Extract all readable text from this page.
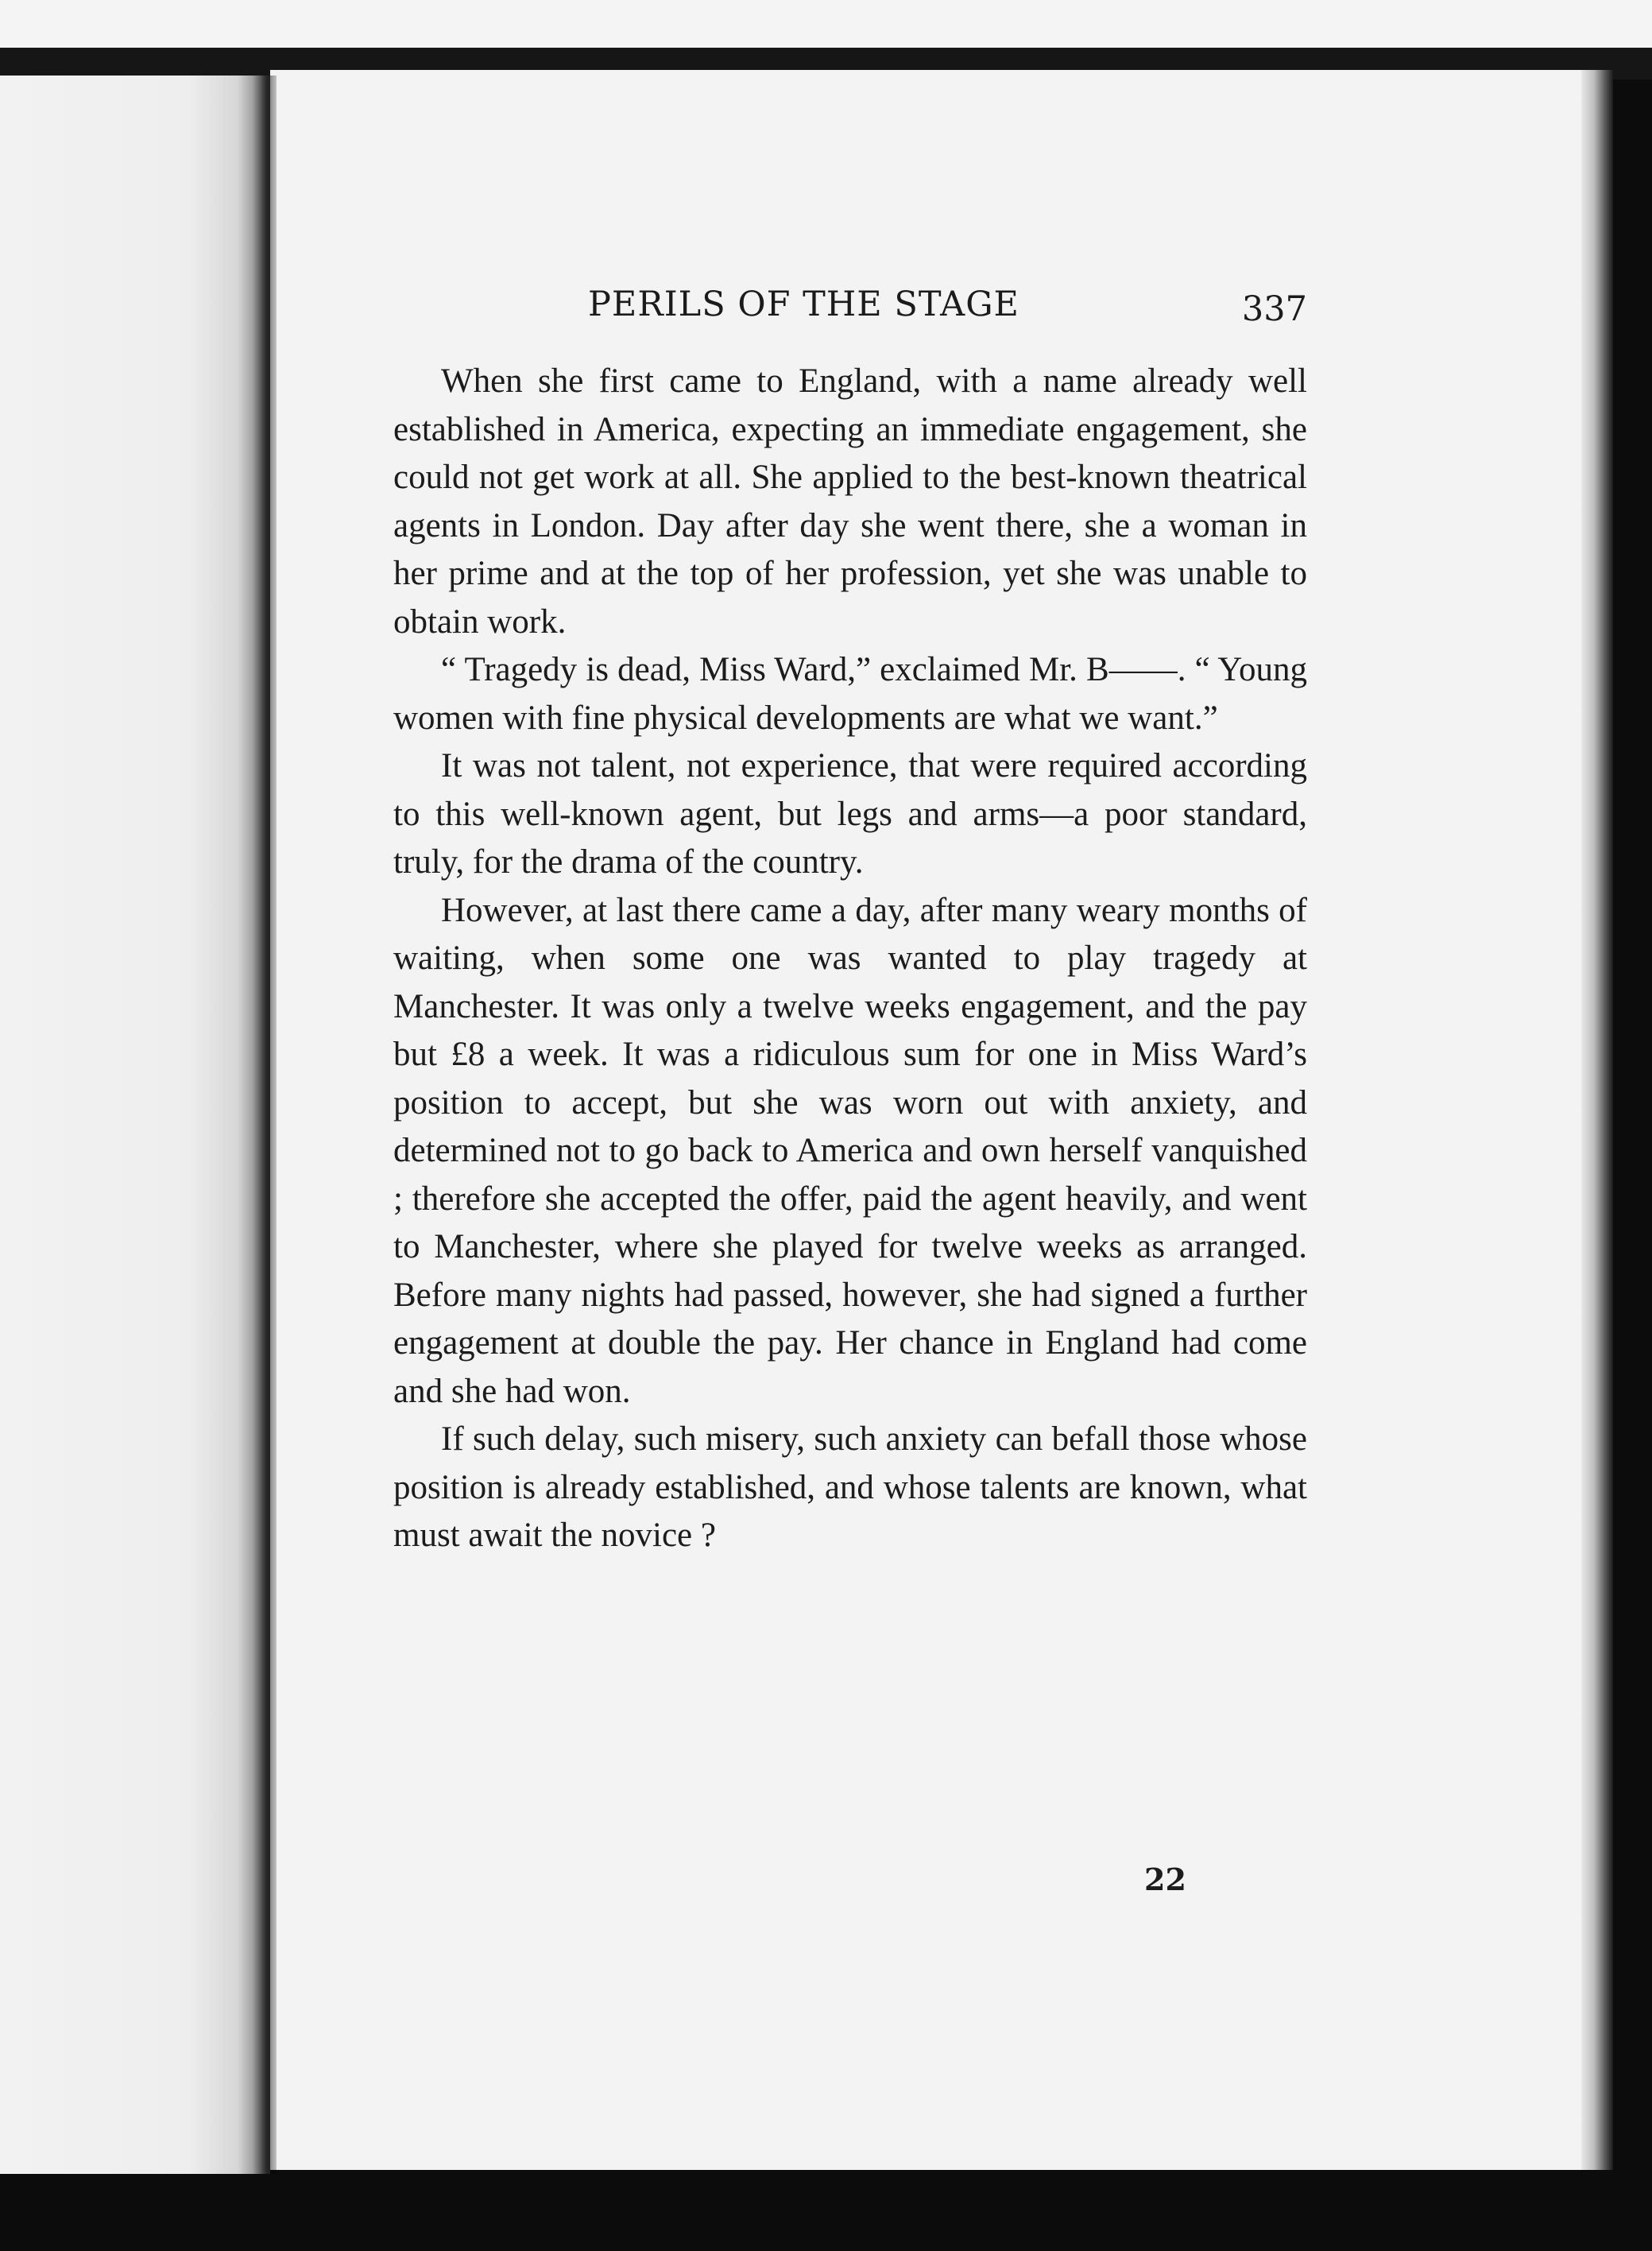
PERILS OF THE STAGE	337

When she first came to England, with a name already well established in America, expecting an immediate engagement, she could not get work at all. She applied to the best-known theatrical agents in London. Day after day she went there, she a woman in her prime and at the top of her profession, yet she was unable to obtain work.

“ Tragedy is dead, Miss Ward,” exclaimed Mr. B——. “ Young women with fine physical developments are what we want.”

It was not talent, not experience, that were required according to this well-known agent, but legs and arms—a poor standard, truly, for the drama of the country.

However, at last there came a day, after many weary months of waiting, when some one was wanted to play tragedy at Manchester. It was only a twelve weeks engagement, and the pay but £8 a week. It was a ridiculous sum for one in Miss Ward’s position to accept, but she was worn out with anxiety, and determined not to go back to America and own herself vanquished ; therefore she accepted the offer, paid the agent heavily, and went to Manchester, where she played for twelve weeks as arranged. Before many nights had passed, however, she had signed a further engagement at double the pay. Her chance in England had come and she had won.

If such delay, such misery, such anxiety can befall those whose position is already established, and whose talents are known, what must await the novice ?

22
